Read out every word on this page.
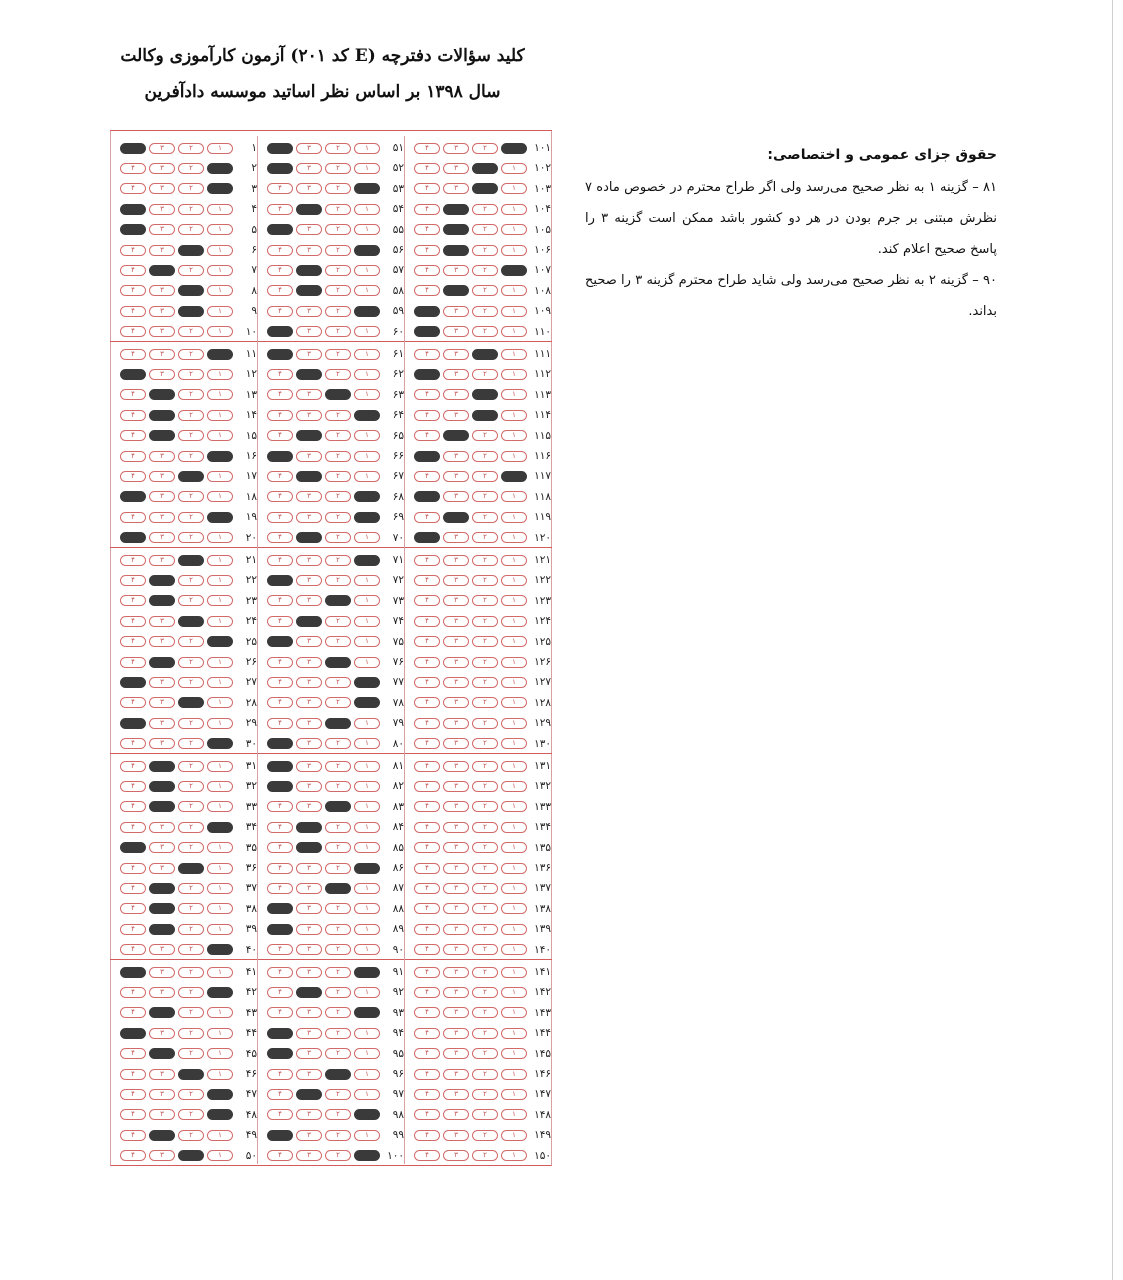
کلید سؤالات دفترچه (E کد ۲۰۱) آزمون کارآموزی وکالت
سال ۱۳۹۸ بر اساس نظر اساتید موسسه دادآفرین
۱
۱
۲
۳
۲
۲
۳
۴
۳
۲
۳
۴
۴
۱
۲
۳
۵
۱
۲
۳
۶
۱
۳
۴
۷
۱
۲
۴
۸
۱
۳
۴
۹
۱
۳
۴
۱۰
۱
۲
۳
۴
۱۱
۲
۳
۴
۱۲
۱
۲
۳
۱۳
۱
۲
۴
۱۴
۱
۲
۴
۱۵
۱
۲
۴
۱۶
۲
۳
۴
۱۷
۱
۳
۴
۱۸
۱
۲
۳
۱۹
۲
۳
۴
۲۰
۱
۲
۳
۲۱
۱
۳
۴
۲۲
۱
۲
۴
۲۳
۱
۲
۴
۲۴
۱
۳
۴
۲۵
۲
۳
۴
۲۶
۱
۲
۴
۲۷
۱
۲
۳
۲۸
۱
۳
۴
۲۹
۱
۲
۳
۳۰
۲
۳
۴
۳۱
۱
۲
۴
۳۲
۱
۲
۴
۳۳
۱
۲
۴
۳۴
۲
۳
۴
۳۵
۱
۲
۳
۳۶
۱
۳
۴
۳۷
۱
۲
۴
۳۸
۱
۲
۴
۳۹
۱
۲
۴
۴۰
۲
۳
۴
۴۱
۱
۲
۳
۴۲
۲
۳
۴
۴۳
۱
۲
۴
۴۴
۱
۲
۳
۴۵
۱
۲
۴
۴۶
۱
۳
۴
۴۷
۲
۳
۴
۴۸
۲
۳
۴
۴۹
۱
۲
۴
۵۰
۱
۳
۴
۵۱
۱
۲
۳
۵۲
۱
۲
۳
۵۳
۲
۳
۴
۵۴
۱
۲
۴
۵۵
۱
۲
۳
۵۶
۲
۳
۴
۵۷
۱
۲
۴
۵۸
۱
۲
۴
۵۹
۲
۳
۴
۶۰
۱
۲
۳
۶۱
۱
۲
۳
۶۲
۱
۲
۴
۶۳
۱
۳
۴
۶۴
۲
۳
۴
۶۵
۱
۲
۴
۶۶
۱
۲
۳
۶۷
۱
۲
۴
۶۸
۲
۳
۴
۶۹
۲
۳
۴
۷۰
۱
۲
۴
۷۱
۲
۳
۴
۷۲
۱
۲
۳
۷۳
۱
۳
۴
۷۴
۱
۲
۴
۷۵
۱
۲
۳
۷۶
۱
۳
۴
۷۷
۲
۳
۴
۷۸
۲
۳
۴
۷۹
۱
۳
۴
۸۰
۱
۲
۳
۸۱
۱
۲
۳
۸۲
۱
۲
۳
۸۳
۱
۳
۴
۸۴
۱
۲
۴
۸۵
۱
۲
۴
۸۶
۲
۳
۴
۸۷
۱
۳
۴
۸۸
۱
۲
۳
۸۹
۱
۲
۳
۹۰
۱
۲
۳
۴
۹۱
۲
۳
۴
۹۲
۱
۲
۴
۹۳
۲
۳
۴
۹۴
۱
۲
۳
۹۵
۱
۲
۳
۹۶
۱
۳
۴
۹۷
۱
۲
۴
۹۸
۲
۳
۴
۹۹
۱
۲
۳
۱۰۰
۲
۳
۴
۱۰۱
۲
۳
۴
۱۰۲
۱
۳
۴
۱۰۳
۱
۳
۴
۱۰۴
۱
۲
۴
۱۰۵
۱
۲
۴
۱۰۶
۱
۲
۴
۱۰۷
۲
۳
۴
۱۰۸
۱
۲
۴
۱۰۹
۱
۲
۳
۱۱۰
۱
۲
۳
۱۱۱
۱
۳
۴
۱۱۲
۱
۲
۳
۱۱۳
۱
۳
۴
۱۱۴
۱
۳
۴
۱۱۵
۱
۲
۴
۱۱۶
۱
۲
۳
۱۱۷
۲
۳
۴
۱۱۸
۱
۲
۳
۱۱۹
۱
۲
۴
۱۲۰
۱
۲
۳
۱۲۱
۱
۲
۳
۴
۱۲۲
۱
۲
۳
۴
۱۲۳
۱
۲
۳
۴
۱۲۴
۱
۲
۳
۴
۱۲۵
۱
۲
۳
۴
۱۲۶
۱
۲
۳
۴
۱۲۷
۱
۲
۳
۴
۱۲۸
۱
۲
۳
۴
۱۲۹
۱
۲
۳
۴
۱۳۰
۱
۲
۳
۴
۱۳۱
۱
۲
۳
۴
۱۳۲
۱
۲
۳
۴
۱۳۳
۱
۲
۳
۴
۱۳۴
۱
۲
۳
۴
۱۳۵
۱
۲
۳
۴
۱۳۶
۱
۲
۳
۴
۱۳۷
۱
۲
۳
۴
۱۳۸
۱
۲
۳
۴
۱۳۹
۱
۲
۳
۴
۱۴۰
۱
۲
۳
۴
۱۴۱
۱
۲
۳
۴
۱۴۲
۱
۲
۳
۴
۱۴۳
۱
۲
۳
۴
۱۴۴
۱
۲
۳
۴
۱۴۵
۱
۲
۳
۴
۱۴۶
۱
۲
۳
۴
۱۴۷
۱
۲
۳
۴
۱۴۸
۱
۲
۳
۴
۱۴۹
۱
۲
۳
۴
۱۵۰
۱
۲
۳
۴
حقوق جزای عمومی و اختصاصی:

۸۱ – گزینه ۱ به نظر صحیح می‌رسد ولی اگر طراح محترم در خصوص ماده ۷ نظرش مبتنی بر جرم بودن در هر دو کشور باشد ممکن است گزینه ۳ را پاسخ صحیح اعلام کند.

۹۰ – گزینه ۲ به نظر صحیح می‌رسد ولی شاید طراح محترم گزینه ۳ را صحیح بداند.
